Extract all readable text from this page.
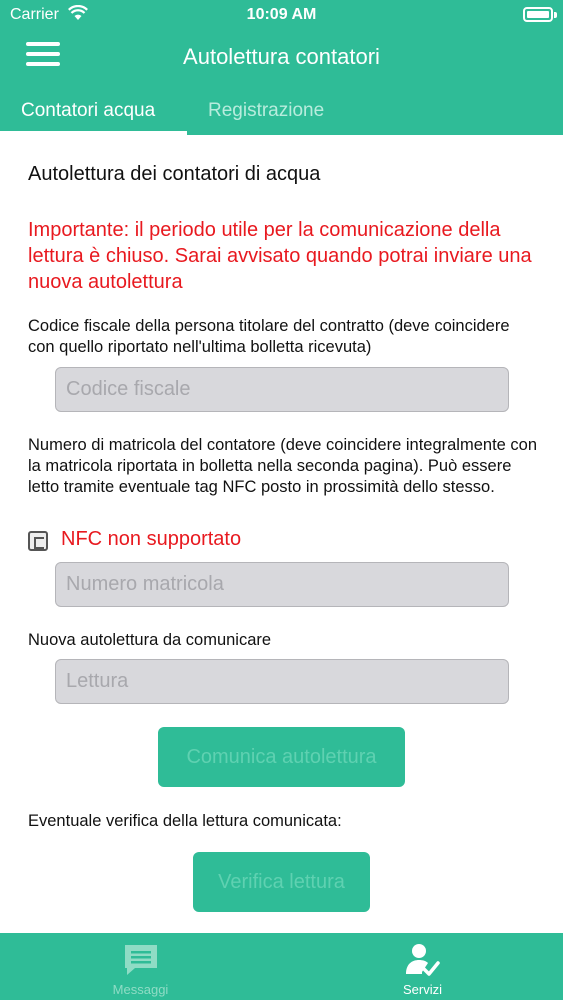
Carrier	10:09 AM
Autolettura contatori
Contatori acqua	Registrazione
Autolettura dei contatori di acqua
Importante: il periodo utile per la comunicazione della lettura è chiuso. Sarai avvisato quando potrai inviare una nuova autolettura
Codice fiscale della persona titolare del contratto (deve coincidere con quello riportato nell'ultima bolletta ricevuta)
Codice fiscale
Numero di matricola del contatore (deve coincidere integralmente con la matricola riportata in bolletta nella seconda pagina). Può essere letto tramite eventuale tag NFC posto in prossimità dello stesso.
NFC non supportato
Numero matricola
Nuova autolettura da comunicare
Lettura
Comunica autolettura
Eventuale verifica della lettura comunicata:
Verifica lettura
Messaggi	Servizi
